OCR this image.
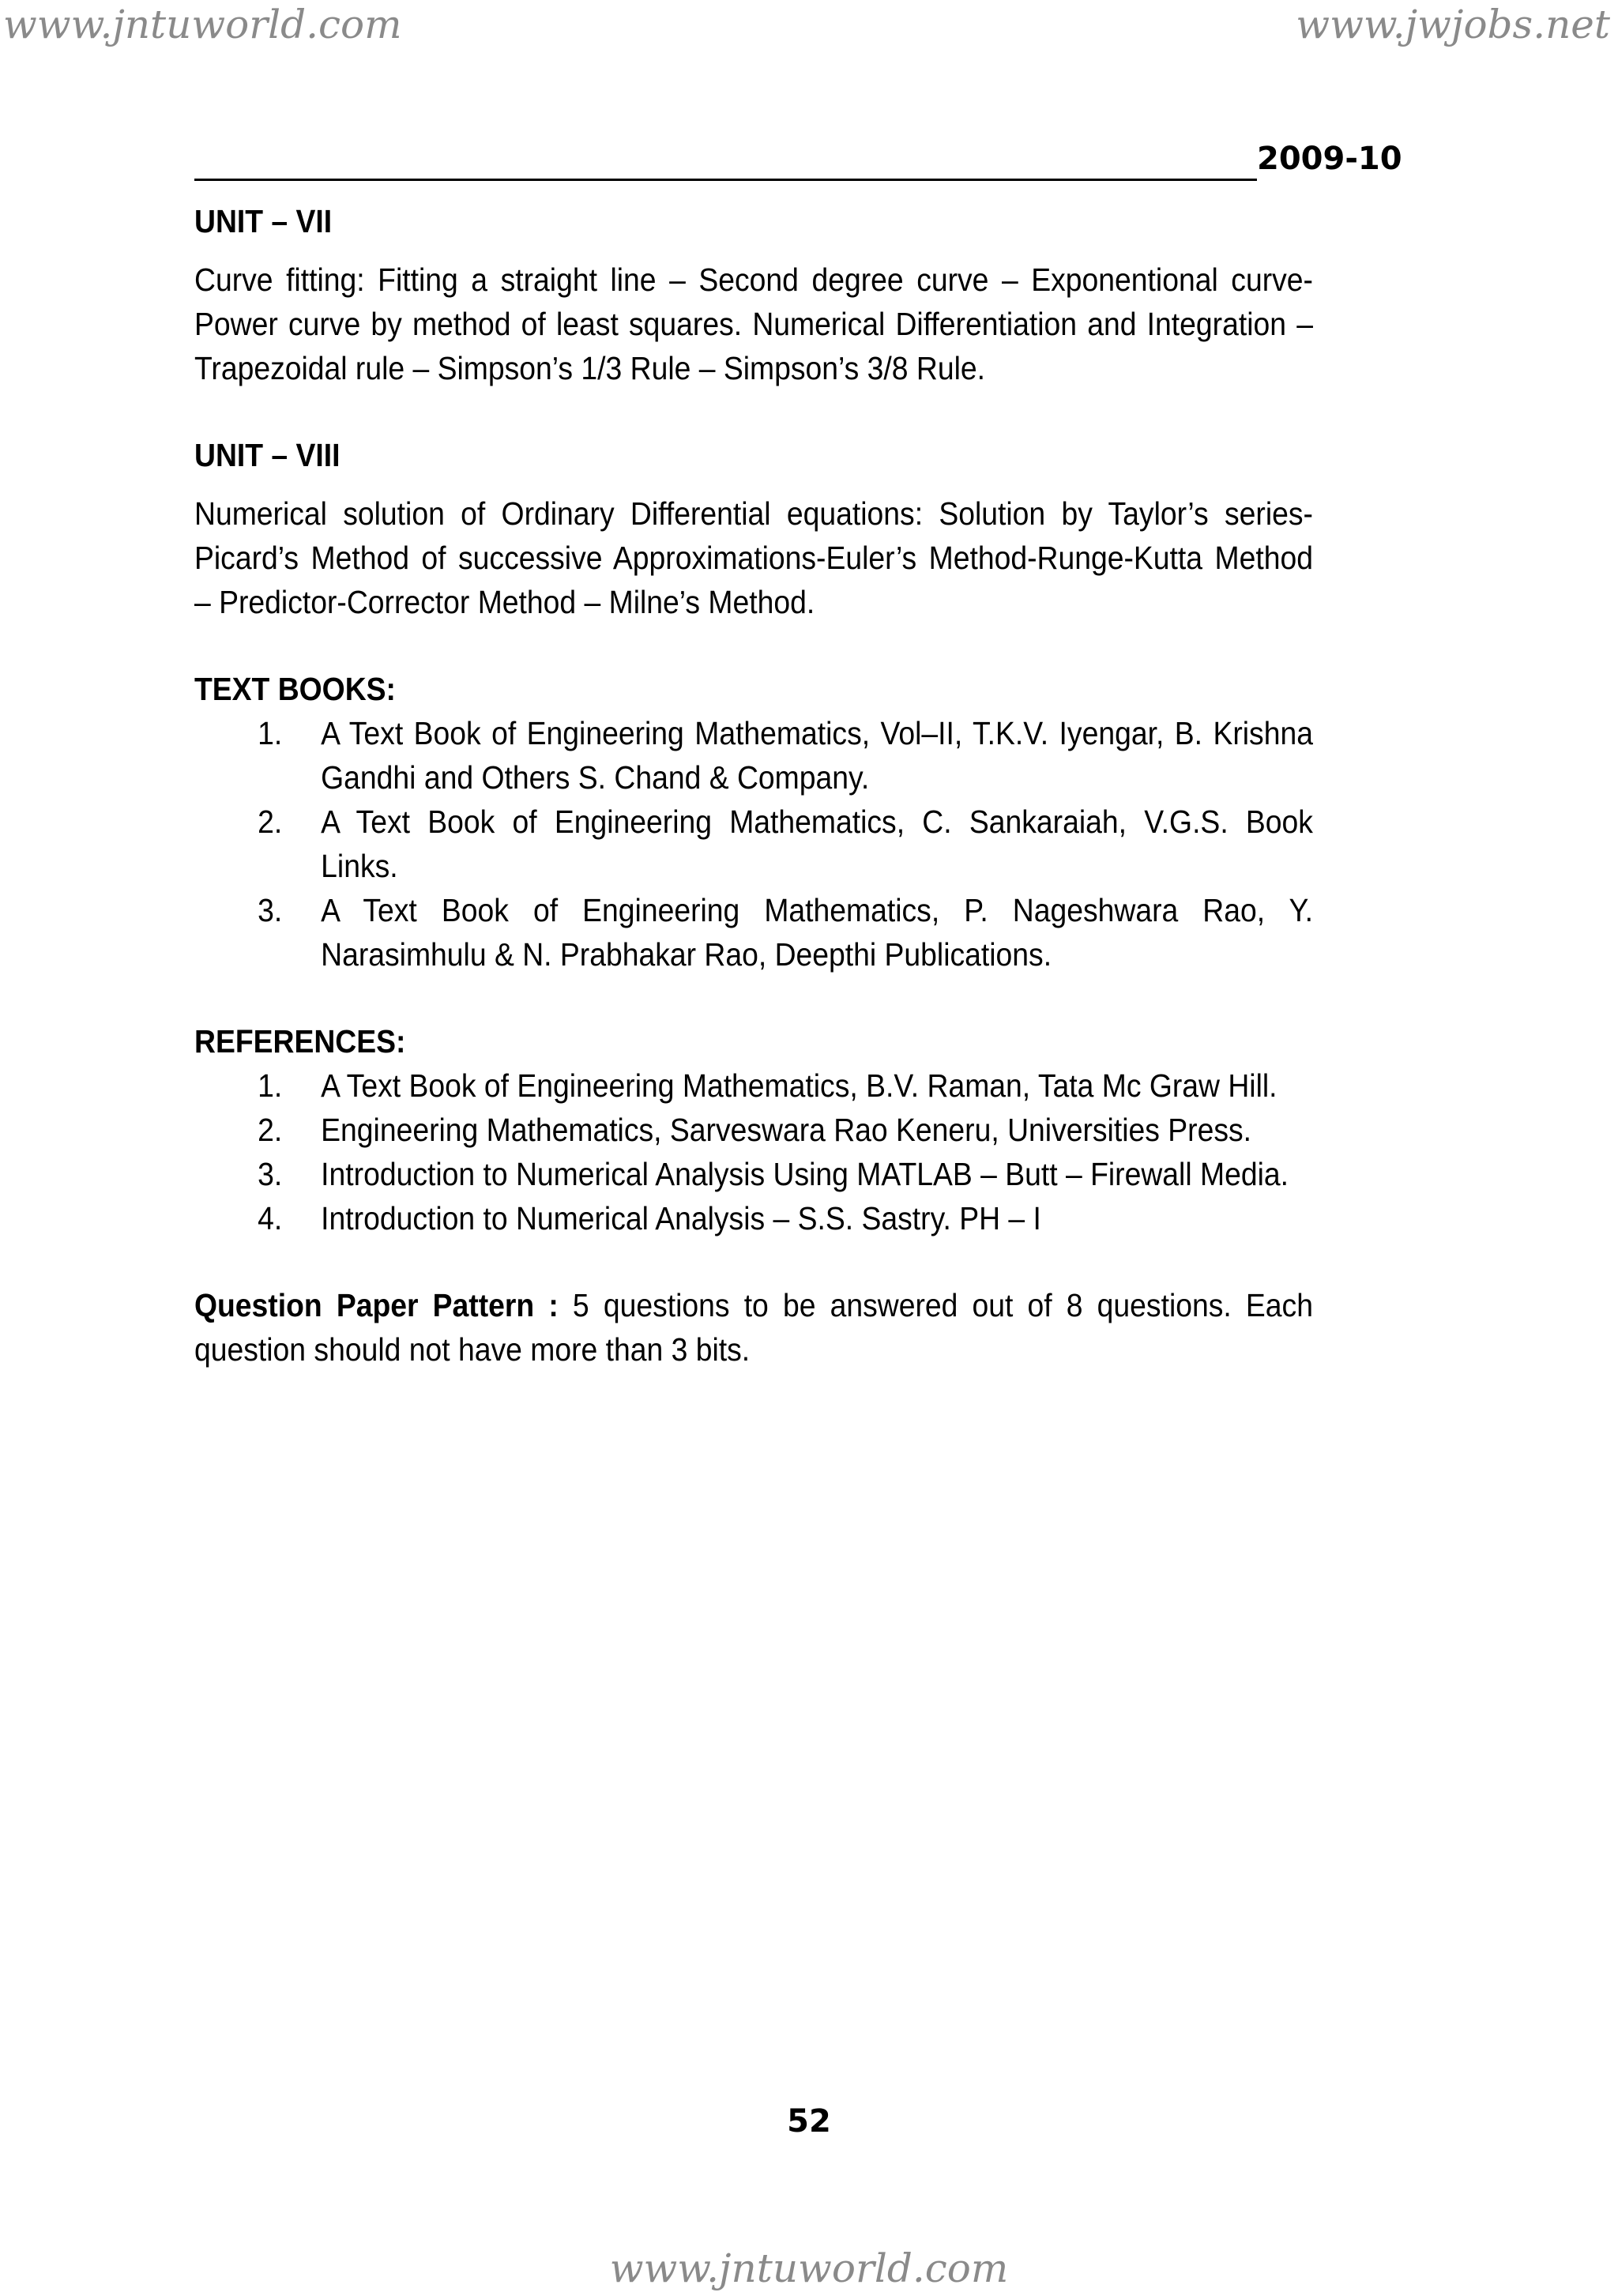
www.jntuworld.com	www.jwjobs.net
2009-10

UNIT – VII

Curve fitting: Fitting a straight line – Second degree curve – Exponentional curve-Power curve by method of least squares. Numerical Differentiation and Integration – Trapezoidal rule – Simpson’s 1/3 Rule – Simpson’s 3/8 Rule.

UNIT – VIII

Numerical solution of Ordinary Differential equations: Solution by Taylor’s series-Picard’s Method of successive Approximations-Euler’s Method-Runge-Kutta Method – Predictor-Corrector Method – Milne’s Method.

TEXT BOOKS:

1. A Text Book of Engineering Mathematics, Vol–II, T.K.V. Iyengar, B. Krishna Gandhi and Others S. Chand & Company.
2. A Text Book of Engineering Mathematics, C. Sankaraiah, V.G.S. Book Links.
3. A Text Book of Engineering Mathematics, P. Nageshwara Rao, Y. Narasimhulu & N. Prabhakar Rao, Deepthi Publications.

REFERENCES:

1. A Text Book of Engineering Mathematics, B.V. Raman, Tata Mc Graw Hill.
2. Engineering Mathematics, Sarveswara Rao Keneru, Universities Press.
3. Introduction to Numerical Analysis Using MATLAB – Butt – Firewall Media.
4. Introduction to Numerical Analysis – S.S. Sastry. PH – I

Question Paper Pattern : 5 questions to be answered out of 8 questions. Each question should not have more than 3 bits.

52
www.jntuworld.com
